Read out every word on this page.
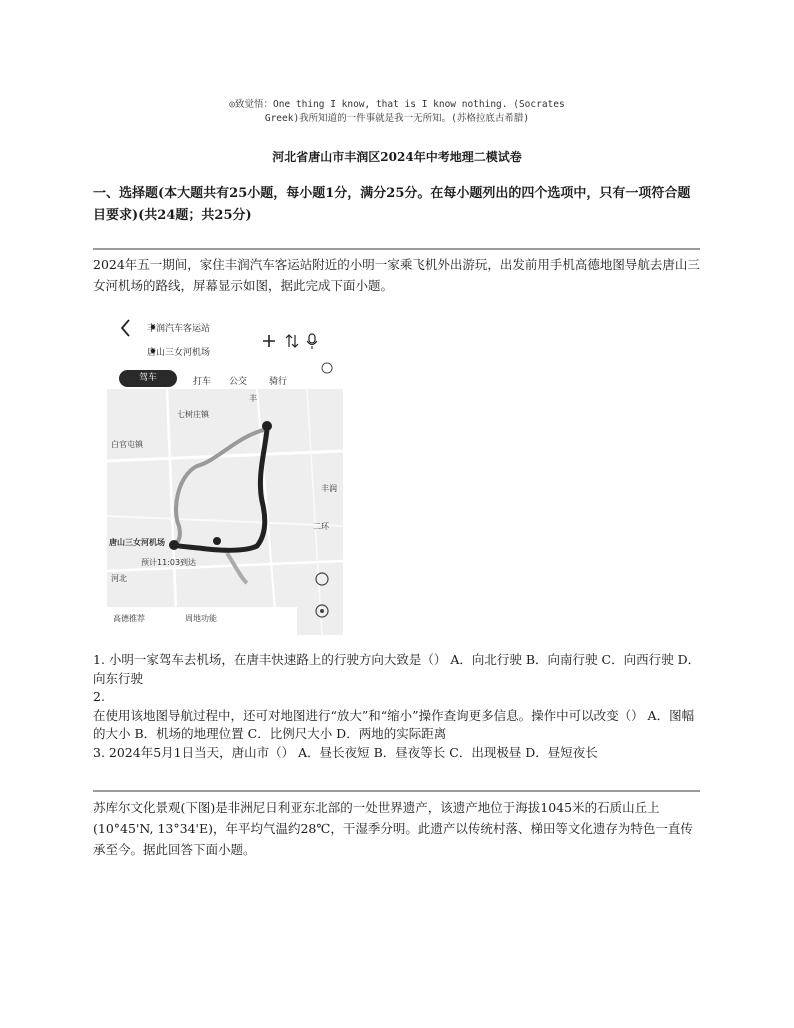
◎致觉悟：One thing I know, that is I know nothing. (Socrates
Greek)我所知道的一件事就是我一无所知。(苏格拉底古希腊)
河北省唐山市丰润区2024年中考地理二模试卷
一、选择题(本大题共有25小题，每小题1分，满分25分。在每小题列出的四个选项中，只有一项符合题目要求)(共24题；共25分)
2024年五一期间，家住丰润汽车客运站附近的小明一家乘飞机外出游玩，出发前用手机高德地图导航去唐山三女河机场的路线，屏幕显示如图，据此完成下面小题。
丰润汽车客运站
唐山三女河机场
驾车	打车 公交 骑行
七树庄镇
白官屯镇
唐山三女河机场
预计11:03到达
高德推荐	周地功能
丰
丰润
二环
河北

1. 小明一家驾车去机场，在唐丰快速路上的行驶方向大致是（） A．向北行驶 B．向南行驶 C．向西行驶 D．向东行驶

2.

在使用该地图导航过程中，还可对地图进行“放大”和“缩小”操作查询更多信息。操作中可以改变（） A．图幅的大小 B．机场的地理位置 C．比例尺大小 D．两地的实际距离

3. 2024年5月1日当天，唐山市（） A．昼长夜短 B．昼夜等长 C．出现极昼 D．昼短夜长

苏库尔文化景观(下图)是非洲尼日利亚东北部的一处世界遗产，该遗产地位于海拔1045米的石质山丘上(10°45'N, 13°34'E)，年平均气温约28℃，干湿季分明。此遗产以传统村落、梯田等文化遗存为特色一直传承至今。据此回答下面小题。
